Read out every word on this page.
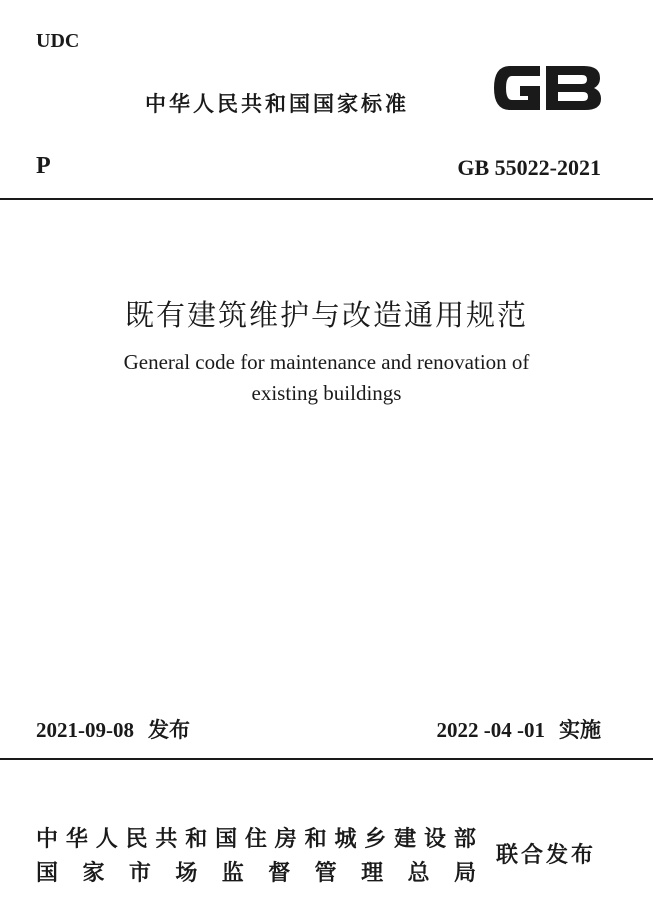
UDC
中华人民共和国国家标准
P	GB 55022-2021
既有建筑维护与改造通用规范
General code for maintenance and renovation of
existing buildings
2021-09-08 发布	2022 -04 -01 实施
中 华 人 民 共 和 国 住 房 和 城 乡 建 设 部
国 家 市 场 监 督 管 理 总 局
联合发布
